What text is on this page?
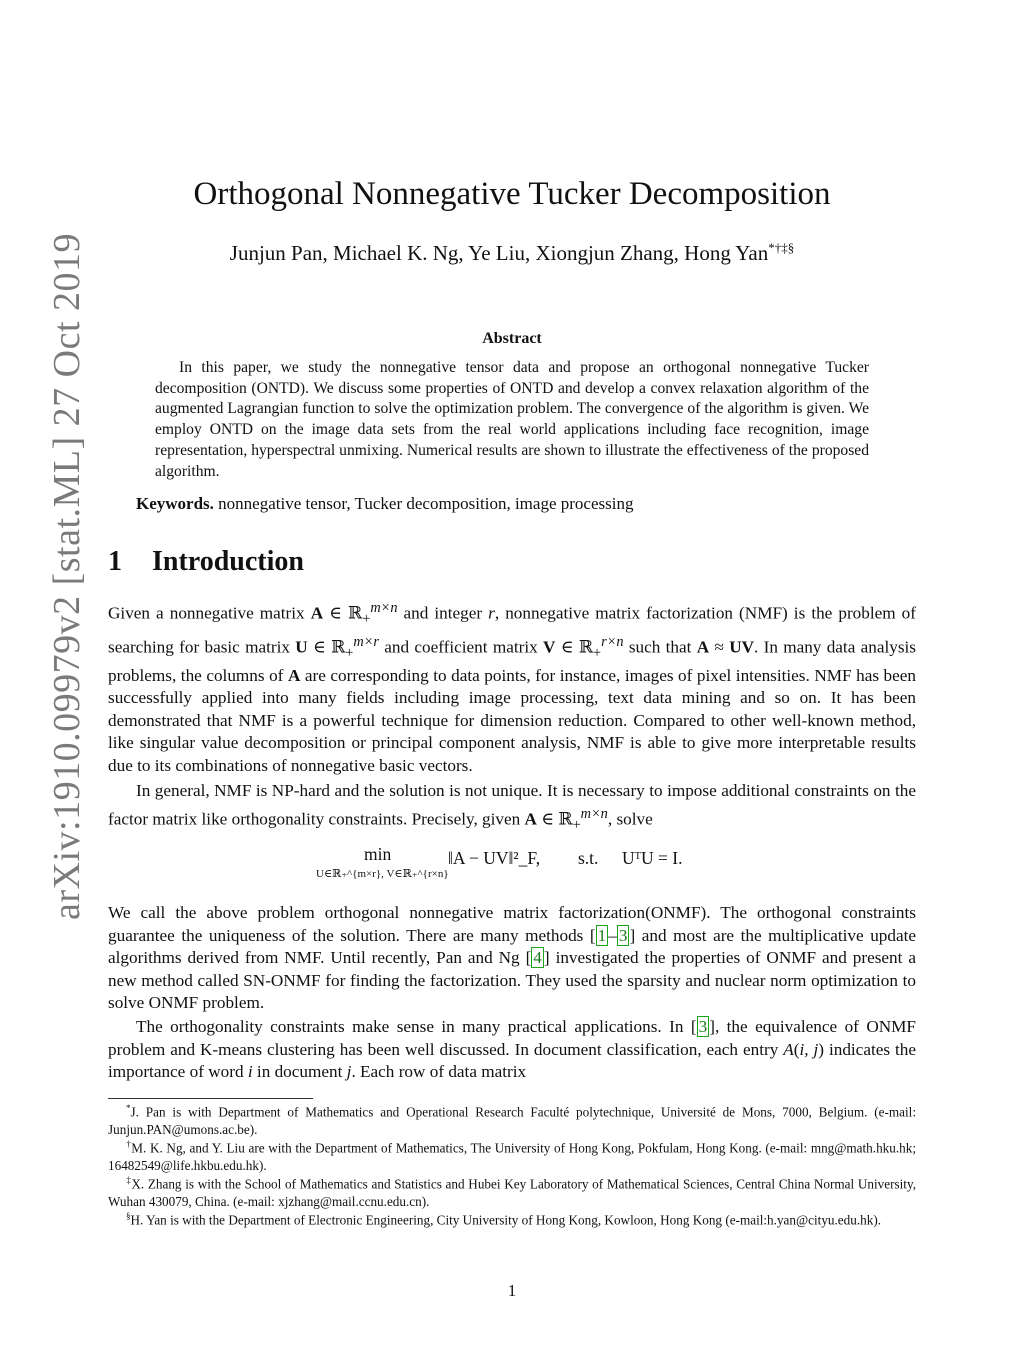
arXiv:1910.09979v2 [stat.ML] 27 Oct 2019
Orthogonal Nonnegative Tucker Decomposition
Junjun Pan, Michael K. Ng, Ye Liu, Xiongjun Zhang, Hong Yan*†‡§
Abstract
In this paper, we study the nonnegative tensor data and propose an orthogonal nonnegative Tucker decomposition (ONTD). We discuss some properties of ONTD and develop a convex relaxation algorithm of the augmented Lagrangian function to solve the optimization problem. The convergence of the algorithm is given. We employ ONTD on the image data sets from the real world applications including face recognition, image representation, hyperspectral unmixing. Numerical results are shown to illustrate the effectiveness of the proposed algorithm.
Keywords. nonnegative tensor, Tucker decomposition, image processing
1 Introduction
Given a nonnegative matrix A ∈ ℝ$_+^{m\times n}$ and integer r, nonnegative matrix factorization (NMF) is the problem of searching for basic matrix U ∈ ℝ$_+^{m\times r}$ and coefficient matrix V ∈ ℝ$_+^{r\times n}$ such that A ≈ UV. In many data analysis problems, the columns of A are corresponding to data points, for instance, images of pixel intensities. NMF has been successfully applied into many fields including image processing, text data mining and so on. It has been demonstrated that NMF is a powerful technique for dimension reduction. Compared to other well-known method, like singular value decomposition or principal component analysis, NMF is able to give more interpretable results due to its combinations of nonnegative basic vectors.
In general, NMF is NP-hard and the solution is not unique. It is necessary to impose additional constraints on the factor matrix like orthogonality constraints. Precisely, given A ∈ ℝ$_+^{m\times n}$, solve
min
U∈ℝ₊^{m×r}, V∈ℝ₊^{r×n}
‖A − UV‖²_F, s.t. UᵀU = I.
We call the above problem orthogonal nonnegative matrix factorization(ONMF). The orthogonal constraints guarantee the uniqueness of the solution. There are many methods [ 1 – 3 ] and most are the multiplicative update algorithms derived from NMF. Until recently, Pan and Ng [ 4 ] investigated the properties of ONMF and present a new method called SN-ONMF for finding the factorization. They used the sparsity and nuclear norm optimization to solve ONMF problem.
The orthogonality constraints make sense in many practical applications. In [ 3 ], the equivalence of ONMF problem and K-means clustering has been well discussed. In document classification, each entry A(i, j) indicates the importance of word i in document j. Each row of data matrix
*J. Pan is with Department of Mathematics and Operational Research Faculté polytechnique, Université de Mons, 7000, Belgium. (e-mail: Junjun.PAN@umons.ac.be).
†M. K. Ng, and Y. Liu are with the Department of Mathematics, The University of Hong Kong, Pokfulam, Hong Kong. (e-mail: mng@math.hku.hk; 16482549@life.hkbu.edu.hk).
‡X. Zhang is with the School of Mathematics and Statistics and Hubei Key Laboratory of Mathematical Sciences, Central China Normal University, Wuhan 430079, China. (e-mail: xjzhang@mail.ccnu.edu.cn).
§H. Yan is with the Department of Electronic Engineering, City University of Hong Kong, Kowloon, Hong Kong (e-mail:h.yan@cityu.edu.hk).
1
